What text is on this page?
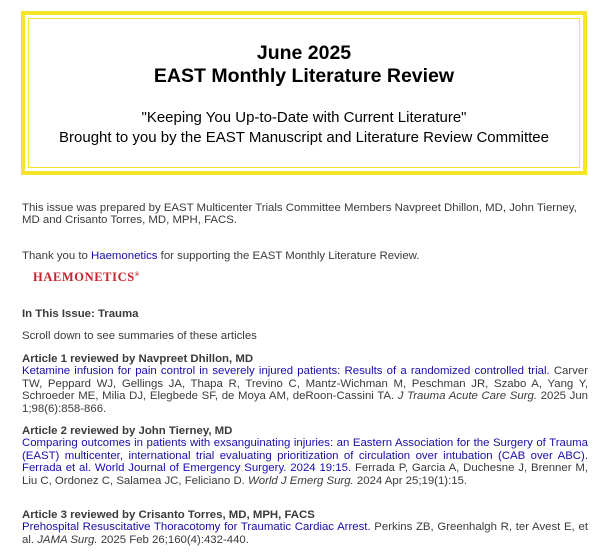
June 2025
EAST Monthly Literature Review
"Keeping You Up-to-Date with Current Literature"
Brought to you by the EAST Manuscript and Literature Review Committee
This issue was prepared by EAST Multicenter Trials Committee Members Navpreet Dhillon, MD, John Tierney, MD and Crisanto Torres, MD, MPH, FACS.
Thank you to Haemonetics for supporting the EAST Monthly Literature Review.
HAEMONETICS®
In This Issue: Trauma
Scroll down to see summaries of these articles
Article 1 reviewed by Navpreet Dhillon, MD
Ketamine infusion for pain control in severely injured patients: Results of a randomized controlled trial. Carver TW, Peppard WJ, Gellings JA, Thapa R, Trevino C, Mantz-Wichman M, Peschman JR, Szabo A, Yang Y, Schroeder ME, Milia DJ, Elegbede SF, de Moya AM, deRoon-Cassini TA. J Trauma Acute Care Surg. 2025 Jun 1;98(6):858-866.
Article 2 reviewed by John Tierney, MD
Comparing outcomes in patients with exsanguinating injuries: an Eastern Association for the Surgery of Trauma (EAST) multicenter, international trial evaluating prioritization of circulation over intubation (CAB over ABC). Ferrada et al. World Journal of Emergency Surgery. 2024 19:15. Ferrada P, Garcia A, Duchesne J, Brenner M, Liu C, Ordonez C, Salamea JC, Feliciano D. World J Emerg Surg. 2024 Apr 25;19(1):15.
Article 3 reviewed by Crisanto Torres, MD, MPH, FACS
Prehospital Resuscitative Thoracotomy for Traumatic Cardiac Arrest. Perkins ZB, Greenhalgh R, ter Avest E, et al. JAMA Surg. 2025 Feb 26;160(4):432-440.
